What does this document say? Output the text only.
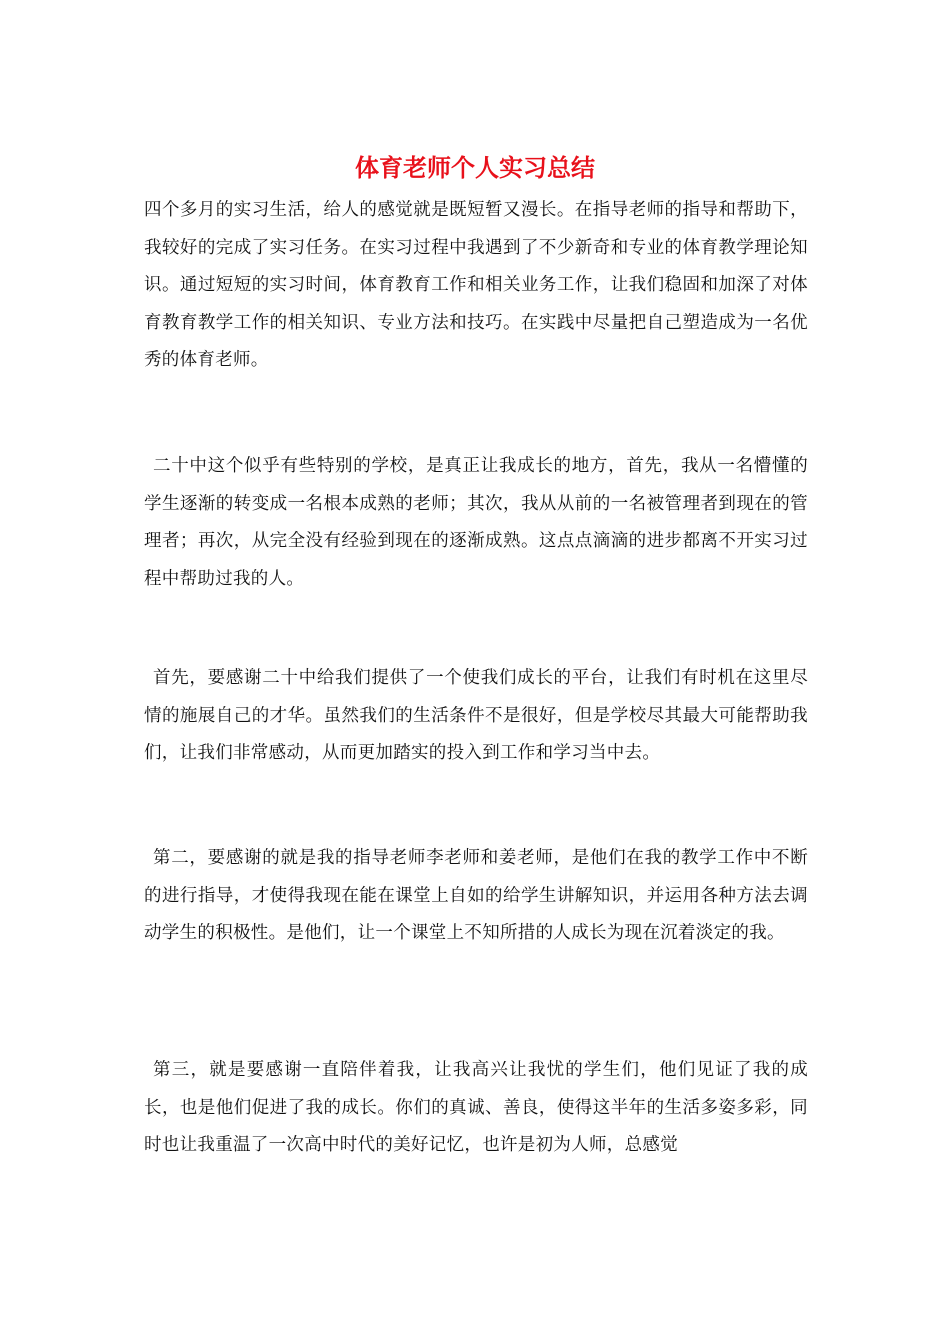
体育老师个人实习总结

四个多月的实习生活，给人的感觉就是既短暂又漫长。在指导老师的指导和帮助下，我较好的完成了实习任务。在实习过程中我遇到了不少新奇和专业的体育教学理论知识。通过短短的实习时间，体育教育工作和相关业务工作，让我们稳固和加深了对体育教育教学工作的相关知识、专业方法和技巧。在实践中尽量把自己塑造成为一名优秀的体育老师。

二十中这个似乎有些特别的学校，是真正让我成长的地方，首先，我从一名懵懂的学生逐渐的转变成一名根本成熟的老师；其次，我从从前的一名被管理者到现在的管理者；再次，从完全没有经验到现在的逐渐成熟。这点点滴滴的进步都离不开实习过程中帮助过我的人。

首先，要感谢二十中给我们提供了一个使我们成长的平台，让我们有时机在这里尽情的施展自己的才华。虽然我们的生活条件不是很好，但是学校尽其最大可能帮助我们，让我们非常感动，从而更加踏实的投入到工作和学习当中去。

第二，要感谢的就是我的指导老师李老师和姜老师，是他们在我的教学工作中不断的进行指导，才使得我现在能在课堂上自如的给学生讲解知识，并运用各种方法去调动学生的积极性。是他们，让一个课堂上不知所措的人成长为现在沉着淡定的我。

第三，就是要感谢一直陪伴着我，让我高兴让我忧的学生们，他们见证了我的成长，也是他们促进了我的成长。你们的真诚、善良，使得这半年的生活多姿多彩，同时也让我重温了一次高中时代的美好记忆，也许是初为人师，总感觉
